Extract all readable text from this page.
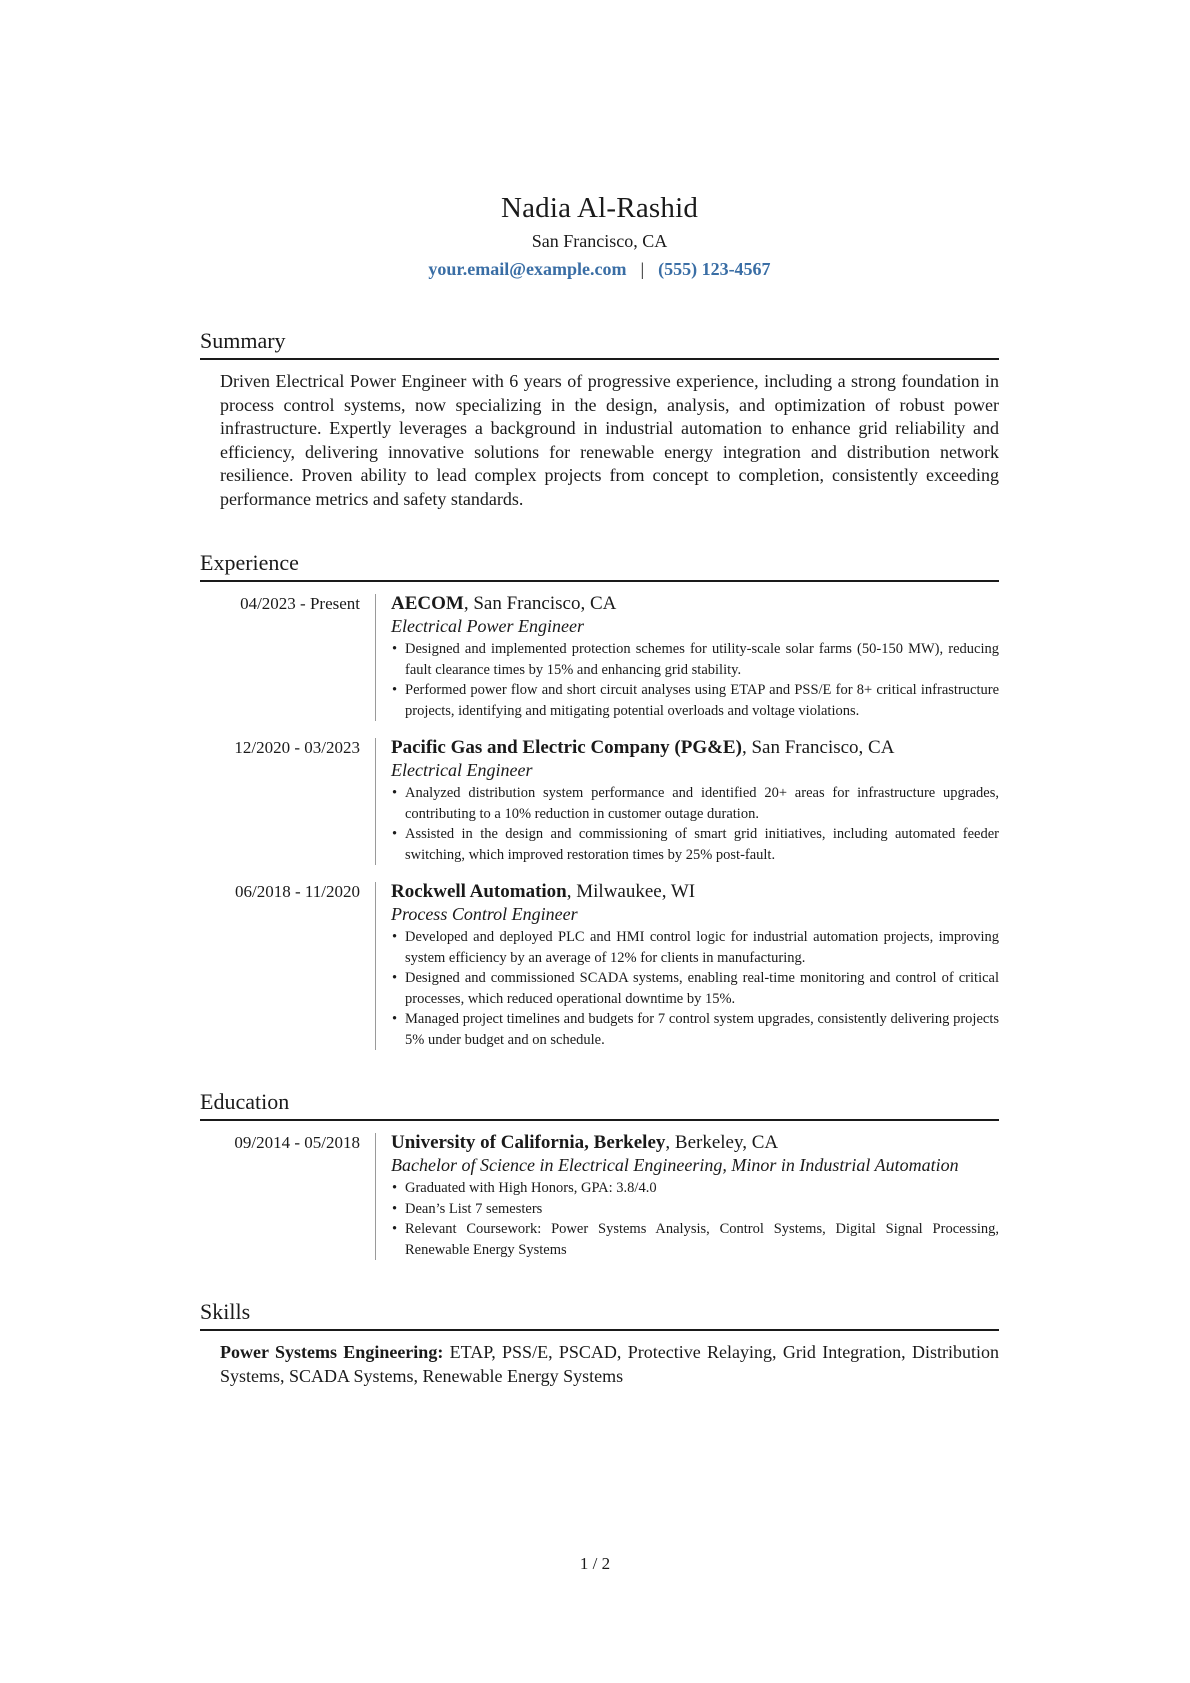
Nadia Al-Rashid
San Francisco, CA
your.email@example.com | (555) 123-4567
Summary
Driven Electrical Power Engineer with 6 years of progressive experience, including a strong foundation in process control systems, now specializing in the design, analysis, and optimization of robust power infrastructure. Expertly leverages a background in industrial automation to enhance grid reliability and efficiency, delivering innovative solutions for renewable energy integration and distribution network resilience. Proven ability to lead complex projects from concept to completion, consistently exceeding performance metrics and safety standards.
Experience
04/2023 - Present	AECOM, San Francisco, CA
Electrical Power Engineer
• Designed and implemented protection schemes for utility-scale solar farms (50-150 MW), reducing fault clearance times by 15% and enhancing grid stability.
• Performed power flow and short circuit analyses using ETAP and PSS/E for 8+ critical infrastructure projects, identifying and mitigating potential overloads and voltage violations.
12/2020 - 03/2023	Pacific Gas and Electric Company (PG&E), San Francisco, CA
Electrical Engineer
• Analyzed distribution system performance and identified 20+ areas for infrastructure upgrades, contributing to a 10% reduction in customer outage duration.
• Assisted in the design and commissioning of smart grid initiatives, including automated feeder switching, which improved restoration times by 25% post-fault.
06/2018 - 11/2020	Rockwell Automation, Milwaukee, WI
Process Control Engineer
• Developed and deployed PLC and HMI control logic for industrial automation projects, improving system efficiency by an average of 12% for clients in manufacturing.
• Designed and commissioned SCADA systems, enabling real-time monitoring and control of critical processes, which reduced operational downtime by 15%.
• Managed project timelines and budgets for 7 control system upgrades, consistently delivering projects 5% under budget and on schedule.
Education
09/2014 - 05/2018	University of California, Berkeley, Berkeley, CA
Bachelor of Science in Electrical Engineering, Minor in Industrial Automation
• Graduated with High Honors, GPA: 3.8/4.0
• Dean’s List 7 semesters
• Relevant Coursework: Power Systems Analysis, Control Systems, Digital Signal Processing, Renewable Energy Systems
Skills
Power Systems Engineering: ETAP, PSS/E, PSCAD, Protective Relaying, Grid Integration, Distribution Systems, SCADA Systems, Renewable Energy Systems
1 / 2
